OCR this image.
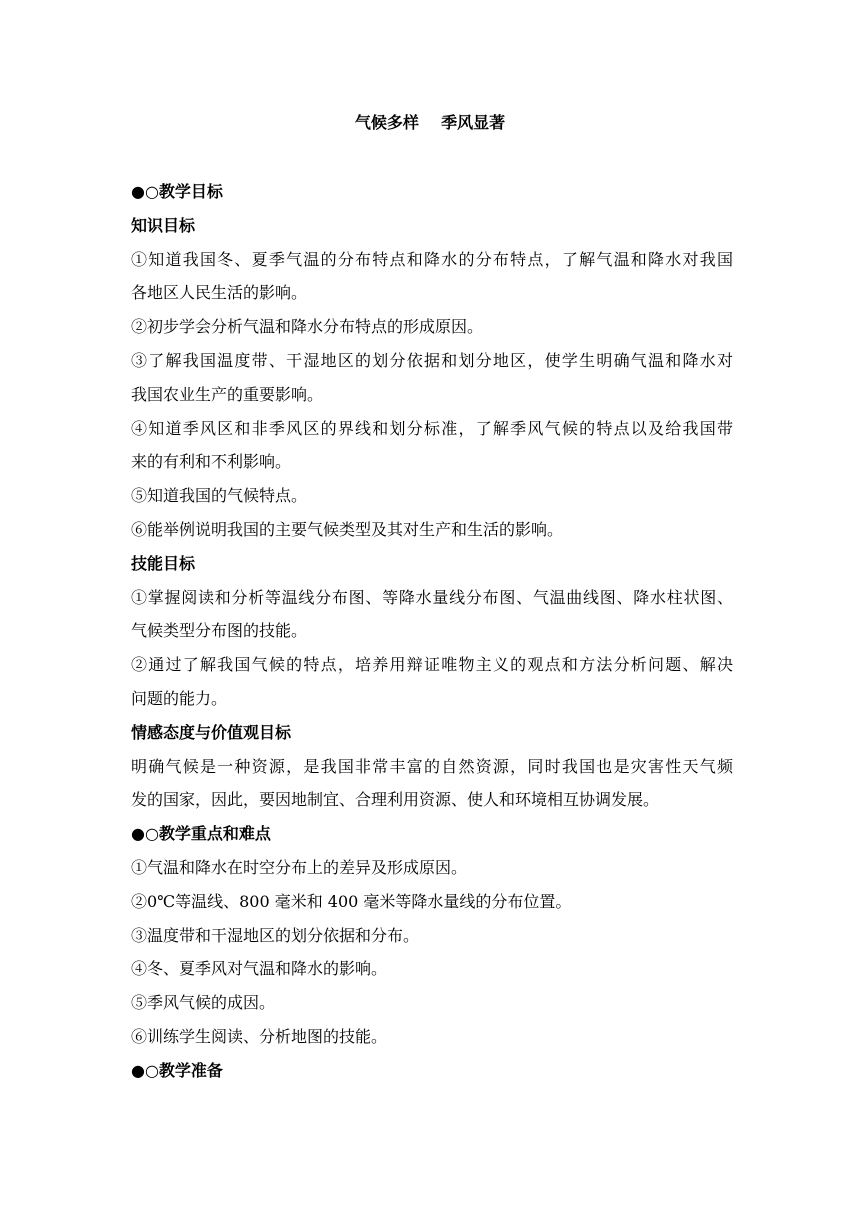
气候多样    季风显著
●○教学目标
知识目标
①知道我国冬、夏季气温的分布特点和降水的分布特点，了解气温和降水对我国
各地区人民生活的影响。
②初步学会分析气温和降水分布特点的形成原因。
③了解我国温度带、干湿地区的划分依据和划分地区，使学生明确气温和降水对
我国农业生产的重要影响。
④知道季风区和非季风区的界线和划分标准，了解季风气候的特点以及给我国带
来的有利和不利影响。
⑤知道我国的气候特点。
⑥能举例说明我国的主要气候类型及其对生产和生活的影响。
技能目标
①掌握阅读和分析等温线分布图、等降水量线分布图、气温曲线图、降水柱状图、
气候类型分布图的技能。
②通过了解我国气候的特点，培养用辩证唯物主义的观点和方法分析问题、解决
问题的能力。
情感态度与价值观目标
明确气候是一种资源，是我国非常丰富的自然资源，同时我国也是灾害性天气频
发的国家，因此，要因地制宜、合理利用资源、使人和环境相互协调发展。
●○教学重点和难点
①气温和降水在时空分布上的差异及形成原因。
②0℃等温线、800 毫米和 400 毫米等降水量线的分布位置。
③温度带和干湿地区的划分依据和分布。
④冬、夏季风对气温和降水的影响。
⑤季风气候的成因。
⑥训练学生阅读、分析地图的技能。
●○教学准备
